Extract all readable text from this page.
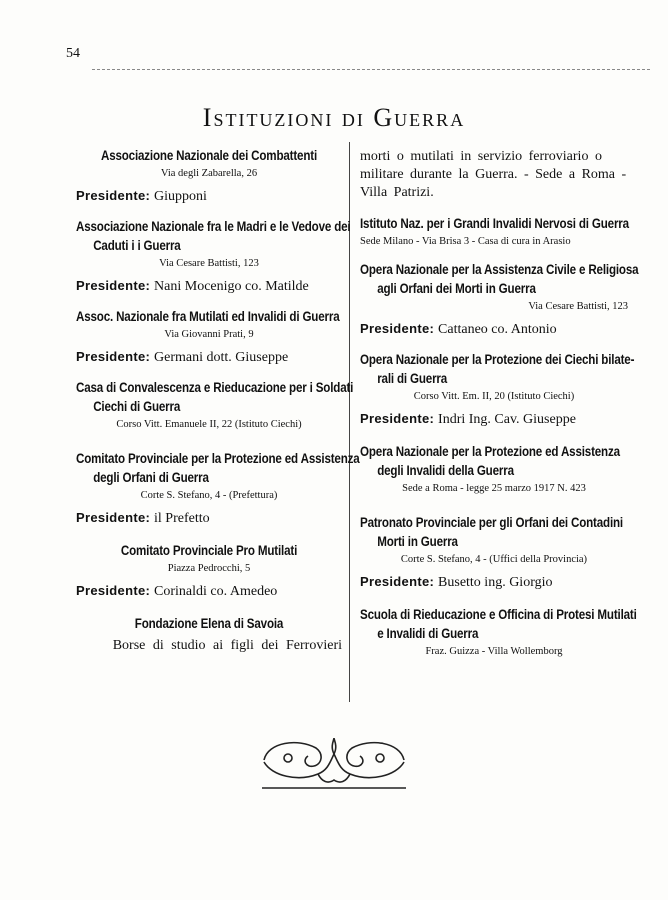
54
Istituzioni di Guerra
Associazione Nazionale dei Combattenti
Via degli Zabarella, 26
Presidente: Giupponi
Associazione Nazionale fra le Madri e le Vedove dei
Caduti i i Guerra
Via Cesare Battisti, 123
Presidente: Nani Mocenigo co. Matilde
Assoc. Nazionale fra Mutilati ed Invalidi di Guerra
Via Giovanni Prati, 9
Presidente: Germani dott. Giuseppe
Casa di Convalescenza e Rieducazione per i Soldati
Ciechi di Guerra
Corso Vitt. Emanuele II, 22 (Istituto Ciechi)
Comitato Provinciale per la Protezione ed Assistenza
degli Orfani di Guerra
Corte S. Stefano, 4 - (Prefettura)
Presidente: il Prefetto
Comitato Provinciale Pro Mutilati
Piazza Pedrocchi, 5
Presidente: Corinaldi co. Amedeo
Fondazione Elena di Savoia
Borse di studio ai figli dei Ferrovieri
morti o mutilati in servizio ferroviario o militare durante la Guerra. - Sede a Roma - Villa Patrizi.
Istituto Naz. per i Grandi Invalidi Nervosi di Guerra
Sede Milano - Via Brisa 3 - Casa di cura in Arasio
Opera Nazionale per la Assistenza Civile e Religiosa
agli Orfani dei Morti in Guerra
Via Cesare Battisti, 123
Presidente: Cattaneo co. Antonio
Opera Nazionale per la Protezione dei Ciechi bilate-
rali di Guerra
Corso Vitt. Em. II, 20 (Istituto Ciechi)
Presidente: Indri Ing. Cav. Giuseppe
Opera Nazionale per la Protezione ed Assistenza
degli Invalidi della Guerra
Sede a Roma - legge 25 marzo 1917 N. 423
Patronato Provinciale per gli Orfani dei Contadini
Morti in Guerra
Corte S. Stefano, 4 - (Uffici della Provincia)
Presidente: Busetto ing. Giorgio
Scuola di Rieducazione e Officina di Protesi Mutilati
e Invalidi di Guerra
Fraz. Guizza - Villa Wollemborg
